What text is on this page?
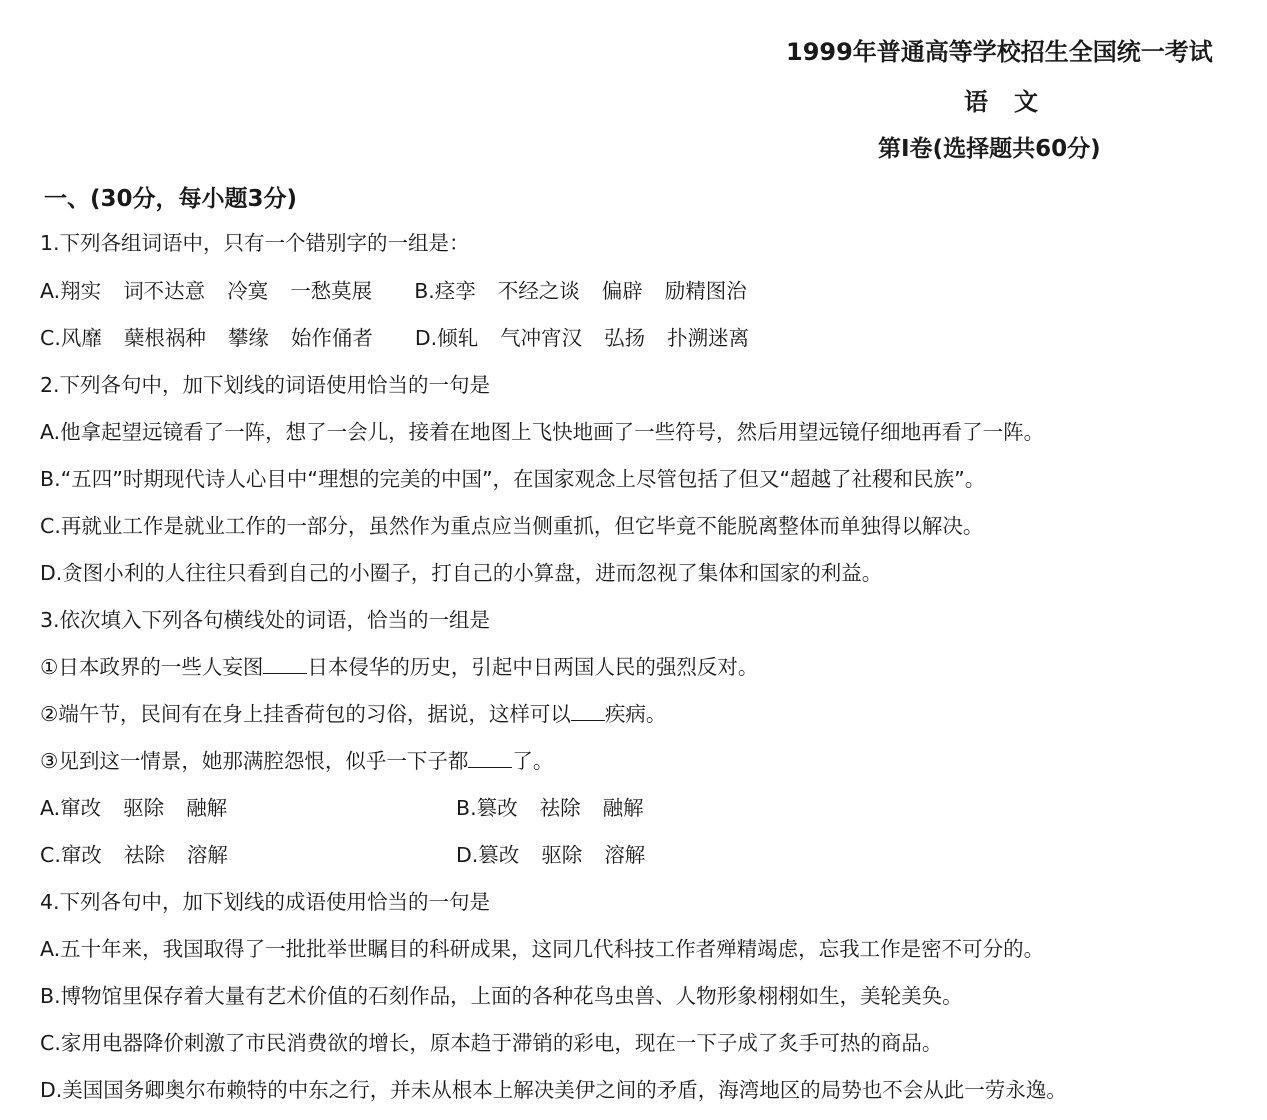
1999年普通高等学校招生全国统一考试
语文
第Ⅰ卷(选择题共60分)
一、(30分，每小题3分)
1.下列各组词语中，只有一个错别字的一组是：
A.翔实 词不达意 冷寞 一愁莫展 B.痉孪 不经之谈 偏辟 励精图治
C.风靡 蘖根祸种 攀缘 始作俑者 D.倾轧 气冲宵汉 弘扬 扑溯迷离
2.下列各句中，加下划线的词语使用恰当的一句是
A.他拿起望远镜看了一阵，想了一会儿，接着在地图上飞快地画了一些符号，然后用望远镜仔细地再看了一阵。
B.“五四”时期现代诗人心目中“理想的完美的中国”，在国家观念上尽管包括了但又“超越了社稷和民族”。
C.再就业工作是就业工作的一部分，虽然作为重点应当侧重抓，但它毕竟不能脱离整体而单独得以解决。
D.贪图小利的人往往只看到自己的小圈子，打自己的小算盘，进而忽视了集体和国家的利益。
3.依次填入下列各句横线处的词语，恰当的一组是
①日本政界的一些人妄图 日本侵华的历史，引起中日两国人民的强烈反对。
②端午节，民间有在身上挂香荷包的习俗，据说，这样可以 疾病。
③见到这一情景，她那满腔怨恨，似乎一下子都 了。
A.窜改 驱除 融解	B.篡改 祛除 融解
C.窜改 祛除 溶解	D.篡改 驱除 溶解
4.下列各句中，加下划线的成语使用恰当的一句是
A.五十年来，我国取得了一批批举世瞩目的科研成果，这同几代科技工作者殚精竭虑，忘我工作是密不可分的。
B.博物馆里保存着大量有艺术价值的石刻作品，上面的各种花鸟虫兽、人物形象栩栩如生，美轮美奂。
C.家用电器降价刺激了市民消费欲的增长，原本趋于滞销的彩电，现在一下子成了炙手可热的商品。
D.美国国务卿奥尔布赖特的中东之行，并未从根本上解决美伊之间的矛盾，海湾地区的局势也不会从此一劳永逸。
